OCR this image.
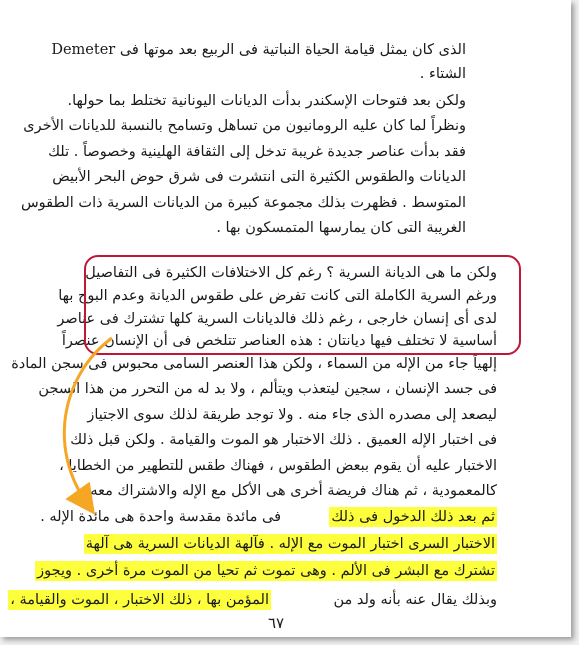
Demeter الذى كان يمثل قيامة الحياة النباتية فى الربيع بعد موتها فى
الشتاء .
ولكن بعد فتوحات الإسكندر بدأت الديانات اليونانية تختلط بما حولها.
ونظراً لما كان عليه الرومانيون من تساهل وتسامح بالنسبة للديانات الأخرى
فقد بدأت عناصر جديدة غريبة تدخل إلى الثقافة الهلينية وخصوصاً . تلك
الديانات والطقوس الكثيرة التى انتشرت فى شرق حوض البحر الأبيض
المتوسط . فظهرت بذلك مجموعة كبيرة من الديانات السرية ذات الطقوس
الغريبة التى كان يمارسها المتمسكون بها .
ولكن ما هى الديانة السرية ؟ رغم كل الاختلافات الكثيرة فى التفاصيل
ورغم السرية الكاملة التى كانت تفرض على طقوس الديانة وعدم البوح بها
لدى أى إنسان خارجى ، رغم ذلك فالديانات السرية كلها تشترك فى عناصر
أساسية لا تختلف فيها ديانتان : هذه العناصر تتلخص فى أن الإنسان عنصراً
إلهياً جاء من الإله من السماء ، ولكن هذا العنصر السامى محبوس فى سجن المادة
فى جسد الإنسان ، سجين ليتعذب ويتألم ، ولا بد له من التحرر من هذا السجن
ليصعد إلى مصدره الذى جاء منه . ولا توجد طريقة لذلك سوى الاجتياز
فى اختبار الإله العميق . ذلك الاختبار هو الموت والقيامة . ولكن قبل ذلك
الاختبار عليه أن يقوم ببعض الطقوس ، فهناك طقس للتطهير من الخطايا ،
كالمعمودية ، ثم هناك فريضة أخرى هى الأكل مع الإله والاشتراك معه
فى مائدة مقدسة واحدة هى مائدة الإله .	ثم بعد ذلك الدخول فى ذلك
الاختبار السرى اختبار الموت مع الإله . فآلهة الديانات السرية هى آلهة
تشترك مع البشر فى الألم . وهى تموت ثم تحيا من الموت مرة أخرى . ويجوز
المؤمن بها ، ذلك الاختبار ، الموت والقيامة ،	وبذلك يقال عنه بأنه ولد من
٦٧
